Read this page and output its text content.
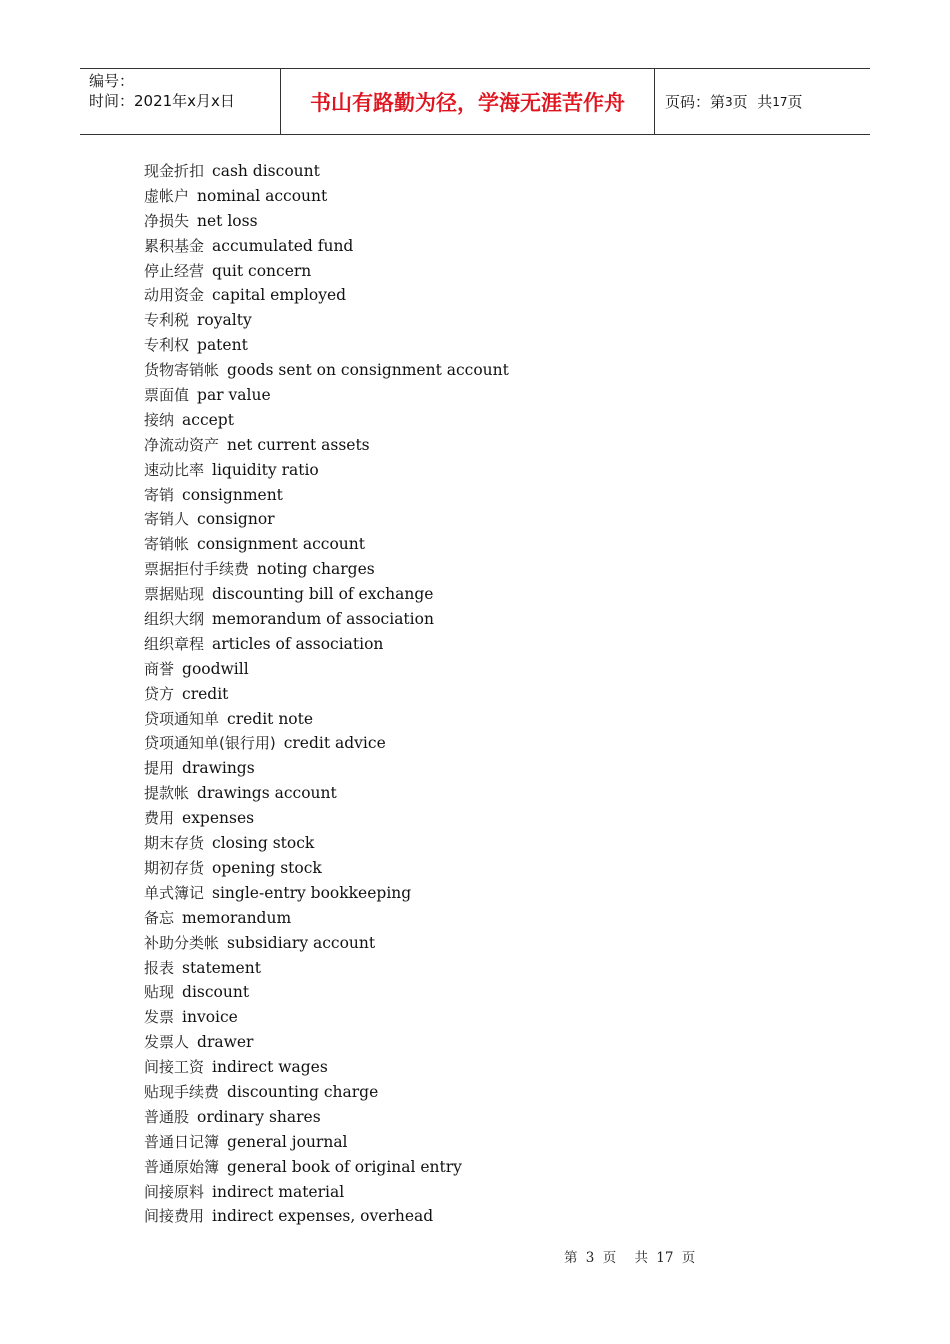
编号：
时间：2021年x月x日	书山有路勤为径，学海无涯苦作舟	页码：第 3 页  共 17 页
现金折扣 cash discount
虚帐户 nominal account
净损失 net loss
累积基金 accumulated fund
停止经营 quit concern
动用资金 capital employed
专利税 royalty
专利权 patent
货物寄销帐 goods sent on consignment account
票面值 par value
接纳 accept
净流动资产 net current assets
速动比率 liquidity ratio
寄销 consignment
寄销人 consignor
寄销帐 consignment account
票据拒付手续费 noting charges
票据贴现 discounting bill of exchange
组织大纲 memorandum of association
组织章程 articles of association
商誉 goodwill
贷方 credit
贷项通知单 credit note
贷项通知单(银行用) credit advice
提用 drawings
提款帐 drawings account
费用 expenses
期末存货 closing stock
期初存货 opening stock
单式簿记 single-entry bookkeeping
备忘 memorandum
补助分类帐 subsidiary account
报表 statement
贴现 discount
发票 invoice
发票人 drawer
间接工资 indirect wages
贴现手续费 discounting charge
普通股 ordinary shares
普通日记簿 general journal
普通原始簿 general book of original entry
间接原料 indirect material
间接费用 indirect expenses, overhead
第 3 页 共 17 页
